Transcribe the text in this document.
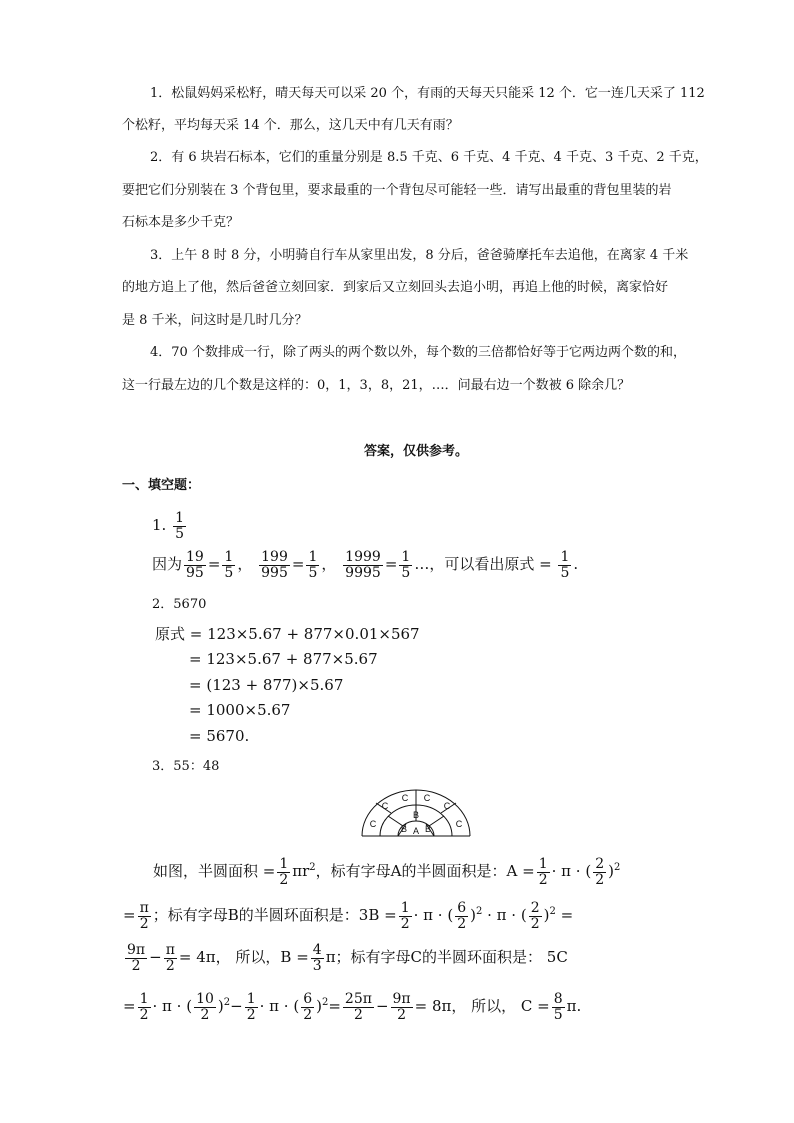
1．松鼠妈妈采松籽，晴天每天可以采 20 个，有雨的天每天只能采 12 个．它一连几天采了 112
个松籽，平均每天采 14 个．那么，这几天中有几天有雨？
2．有 6 块岩石标本，它们的重量分别是 8.5 千克、6 千克、4 千克、4 千克、3 千克、2 千克，
要把它们分别装在 3 个背包里，要求最重的一个背包尽可能轻一些．请写出最重的背包里装的岩
石标本是多少千克？
3．上午 8 时 8 分，小明骑自行车从家里出发，8 分后，爸爸骑摩托车去追他，在离家 4 千米
的地方追上了他，然后爸爸立刻回家．到家后又立刻回头去追小明，再追上他的时候，离家恰好
是 8 千米，问这时是几时几分？
4．70 个数排成一行，除了两头的两个数以外，每个数的三倍都恰好等于它两边两个数的和，
这一行最左边的几个数是这样的：0，1，3，8，21，…．问最右边一个数被 6 除余几？
答案，仅供参考。
一、填空题：
1. $\frac{1}{5}$
因为 $\frac{19}{95} = \frac{1}{5}$ ， $\frac{199}{995} = \frac{1}{5}$ ， $\frac{1999}{9995} = \frac{1}{5}$ …，可以看出原式 = $\frac{1}{5}$ .
2．5670
原式 = 123×5.67 + 877×0.01×567
= 123×5.67 + 877×5.67
= (123 + 877)×5.67
= 1000×5.67
= 5670.
3．55：48
A
B
B
B
C
C
C C
C
C
如图，半圆面积 = $\frac{1}{2} \pi r^2$，标有字母A的半圆面积是：$A = \frac{1}{2} \cdot \pi$ · ( $\frac{2}{2} )^2$
= $\frac{\pi}{2}$ ；标有字母B的半圆环面积是：$3B = \frac{1}{2} \cdot \pi$ · ( $\frac{6}{2} )^2 \cdot \pi$ · ( $\frac{2}{2} )^2$ =
$\frac{9\pi}{2} - \frac{\pi}{2} = 4\pi$， 所以，$B = \frac{4}{3}$ π；标有字母C的半圆环面积是： 5C
= $\frac{1}{2} \cdot \pi$ · ( $\frac{10}{2} )^2- \frac{1}{2} \cdot \pi$ · ( $\frac{6}{2} )^2= \frac{25\pi}{2} - \frac{9\pi}{2} = 8\pi$， 所以， $C = \frac{8}{5} \pi$.
